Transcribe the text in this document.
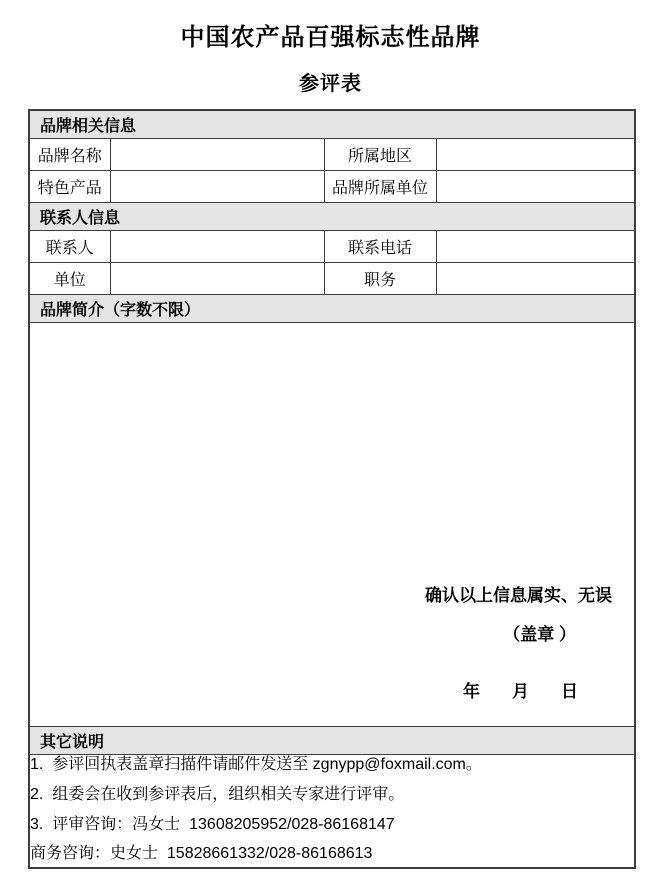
中国农产品百强标志性品牌
参评表
品牌相关信息			
品牌名称		所属地区	
特色产品		品牌所属单位	
联系人信息			
联系人		联系电话	
单位		职务	
品牌简介（字数不限）			

确认以上信息属实、无误

（盖章 ）

年 月 日			

其它说明			

1.  参评回执表盖章扫描件请邮件发送至 zgnypp@foxmail.com。

2.  组委会在收到参评表后，组织相关专家进行评审。

3.  评审咨询：冯女士  13608205952/028-86168147

商务咨询：史女士  15828661332/028-86168613			
